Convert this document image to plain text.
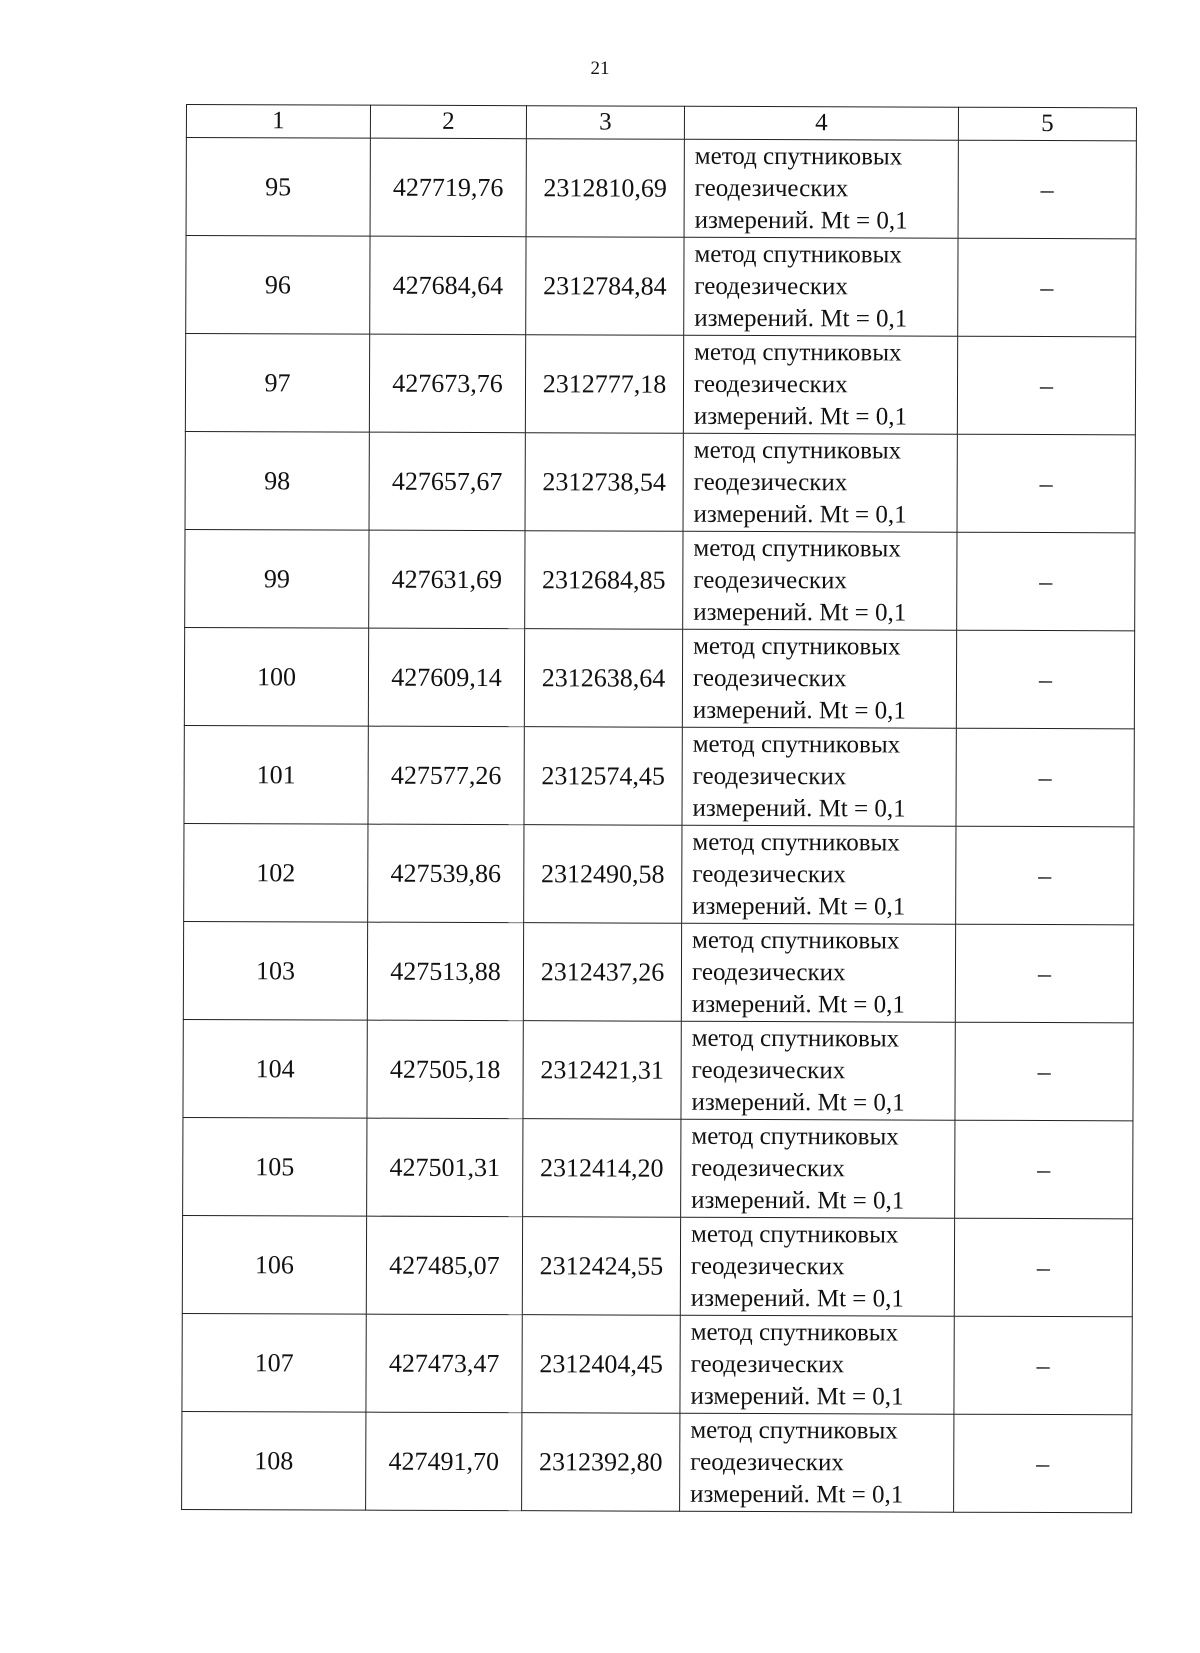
21
1	2	3	4	5
95	427719,76	2312810,69	метод спутниковых
геодезических
измерений. Mt = 0,1	–
96	427684,64	2312784,84	метод спутниковых
геодезических
измерений. Mt = 0,1	–
97	427673,76	2312777,18	метод спутниковых
геодезических
измерений. Mt = 0,1	–
98	427657,67	2312738,54	метод спутниковых
геодезических
измерений. Mt = 0,1	–
99	427631,69	2312684,85	метод спутниковых
геодезических
измерений. Mt = 0,1	–
100	427609,14	2312638,64	метод спутниковых
геодезических
измерений. Mt = 0,1	–
101	427577,26	2312574,45	метод спутниковых
геодезических
измерений. Mt = 0,1	–
102	427539,86	2312490,58	метод спутниковых
геодезических
измерений. Mt = 0,1	–
103	427513,88	2312437,26	метод спутниковых
геодезических
измерений. Mt = 0,1	–
104	427505,18	2312421,31	метод спутниковых
геодезических
измерений. Mt = 0,1	–
105	427501,31	2312414,20	метод спутниковых
геодезических
измерений. Mt = 0,1	–
106	427485,07	2312424,55	метод спутниковых
геодезических
измерений. Mt = 0,1	–
107	427473,47	2312404,45	метод спутниковых
геодезических
измерений. Mt = 0,1	–
108	427491,70	2312392,80	метод спутниковых
геодезических
измерений. Mt = 0,1	–
